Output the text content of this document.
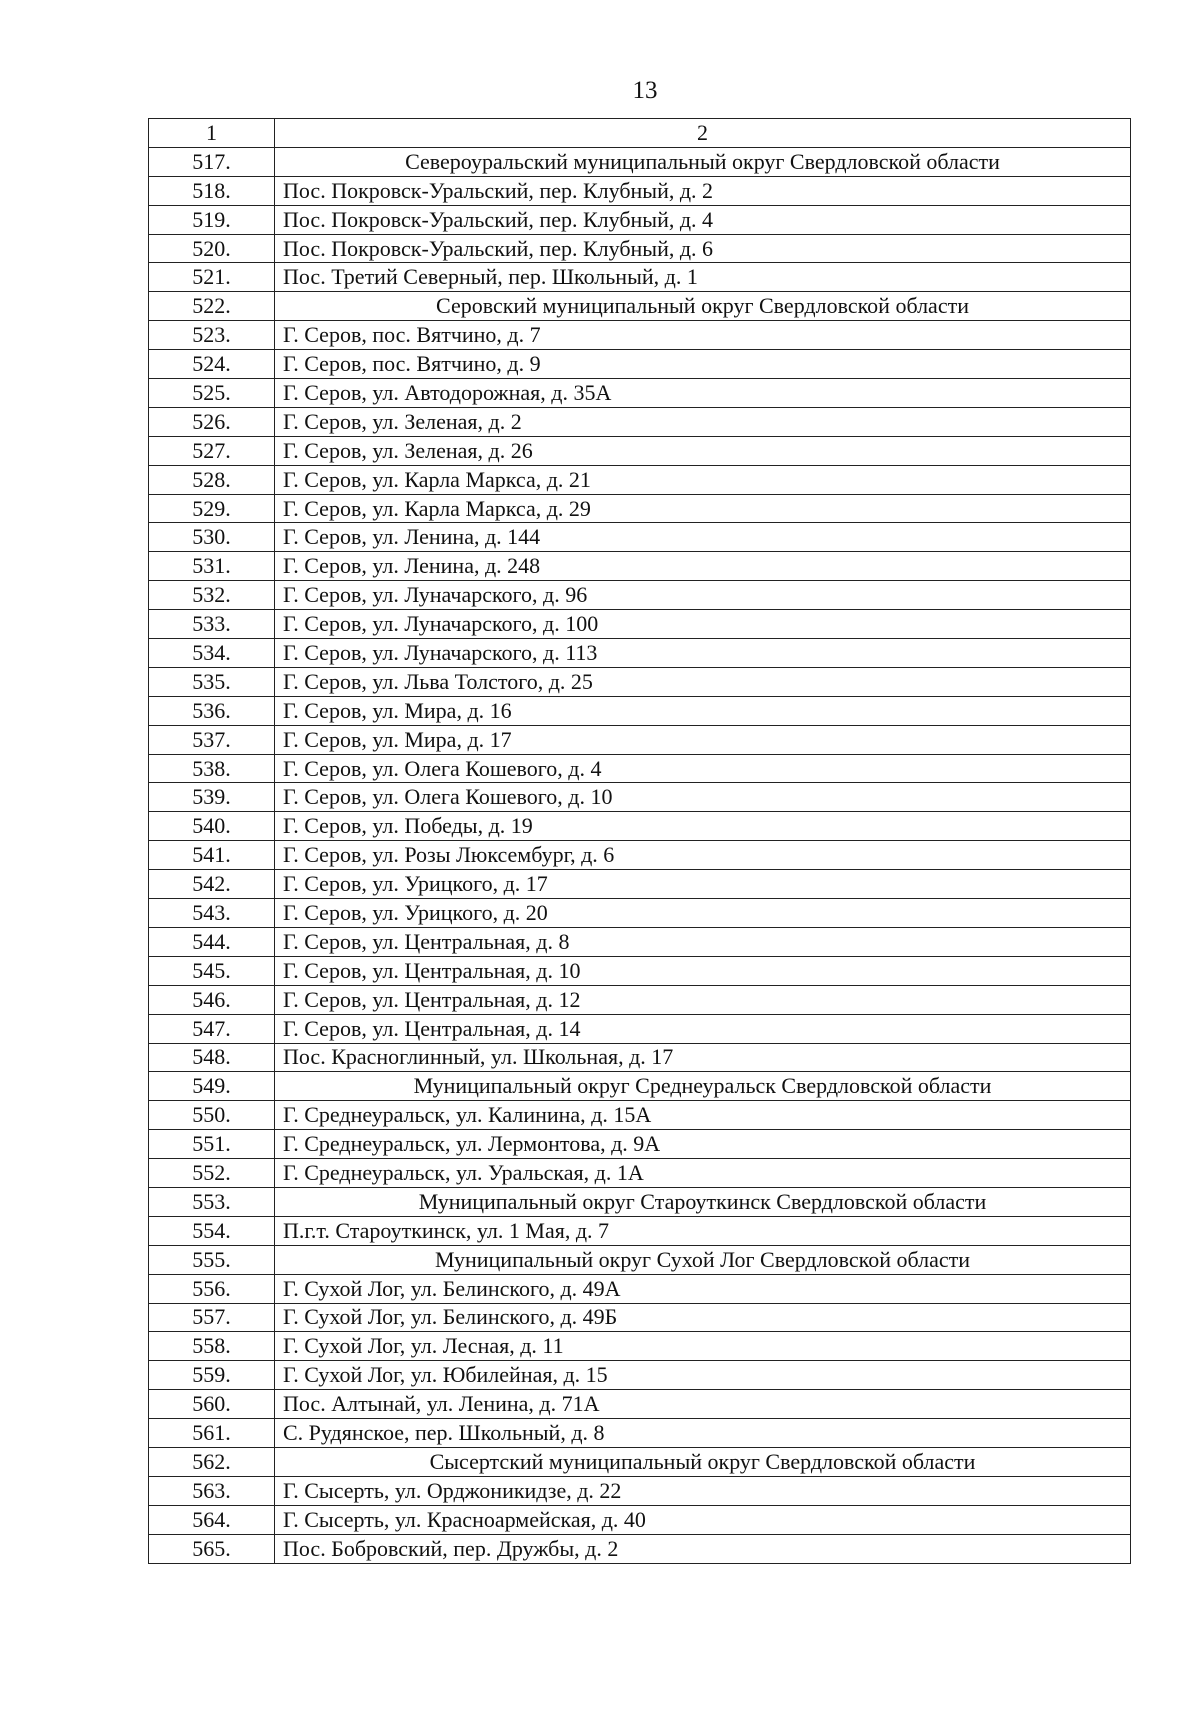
13
1	2
517.	Североуральский муниципальный округ Свердловской области
518.	Пос. Покровск-Уральский, пер. Клубный, д. 2
519.	Пос. Покровск-Уральский, пер. Клубный, д. 4
520.	Пос. Покровск-Уральский, пер. Клубный, д. 6
521.	Пос. Третий Северный, пер. Школьный, д. 1
522.	Серовский муниципальный округ Свердловской области
523.	Г. Серов, пос. Вятчино, д. 7
524.	Г. Серов, пос. Вятчино, д. 9
525.	Г. Серов, ул. Автодорожная, д. 35А
526.	Г. Серов, ул. Зеленая, д. 2
527.	Г. Серов, ул. Зеленая, д. 26
528.	Г. Серов, ул. Карла Маркса, д. 21
529.	Г. Серов, ул. Карла Маркса, д. 29
530.	Г. Серов, ул. Ленина, д. 144
531.	Г. Серов, ул. Ленина, д. 248
532.	Г. Серов, ул. Луначарского, д. 96
533.	Г. Серов, ул. Луначарского, д. 100
534.	Г. Серов, ул. Луначарского, д. 113
535.	Г. Серов, ул. Льва Толстого, д. 25
536.	Г. Серов, ул. Мира, д. 16
537.	Г. Серов, ул. Мира, д. 17
538.	Г. Серов, ул. Олега Кошевого, д. 4
539.	Г. Серов, ул. Олега Кошевого, д. 10
540.	Г. Серов, ул. Победы, д. 19
541.	Г. Серов, ул. Розы Люксембург, д. 6
542.	Г. Серов, ул. Урицкого, д. 17
543.	Г. Серов, ул. Урицкого, д. 20
544.	Г. Серов, ул. Центральная, д. 8
545.	Г. Серов, ул. Центральная, д. 10
546.	Г. Серов, ул. Центральная, д. 12
547.	Г. Серов, ул. Центральная, д. 14
548.	Пос. Красноглинный, ул. Школьная, д. 17
549.	Муниципальный округ Среднеуральск Свердловской области
550.	Г. Среднеуральск, ул. Калинина, д. 15А
551.	Г. Среднеуральск, ул. Лермонтова, д. 9А
552.	Г. Среднеуральск, ул. Уральская, д. 1А
553.	Муниципальный округ Староуткинск Свердловской области
554.	П.г.т. Староуткинск, ул. 1 Мая, д. 7
555.	Муниципальный округ Сухой Лог Свердловской области
556.	Г. Сухой Лог, ул. Белинского, д. 49А
557.	Г. Сухой Лог, ул. Белинского, д. 49Б
558.	Г. Сухой Лог, ул. Лесная, д. 11
559.	Г. Сухой Лог, ул. Юбилейная, д. 15
560.	Пос. Алтынай, ул. Ленина, д. 71А
561.	С. Рудянское, пер. Школьный, д. 8
562.	Сысертский муниципальный округ Свердловской области
563.	Г. Сысерть, ул. Орджоникидзе, д. 22
564.	Г. Сысерть, ул. Красноармейская, д. 40
565.	Пос. Бобровский, пер. Дружбы, д. 2
